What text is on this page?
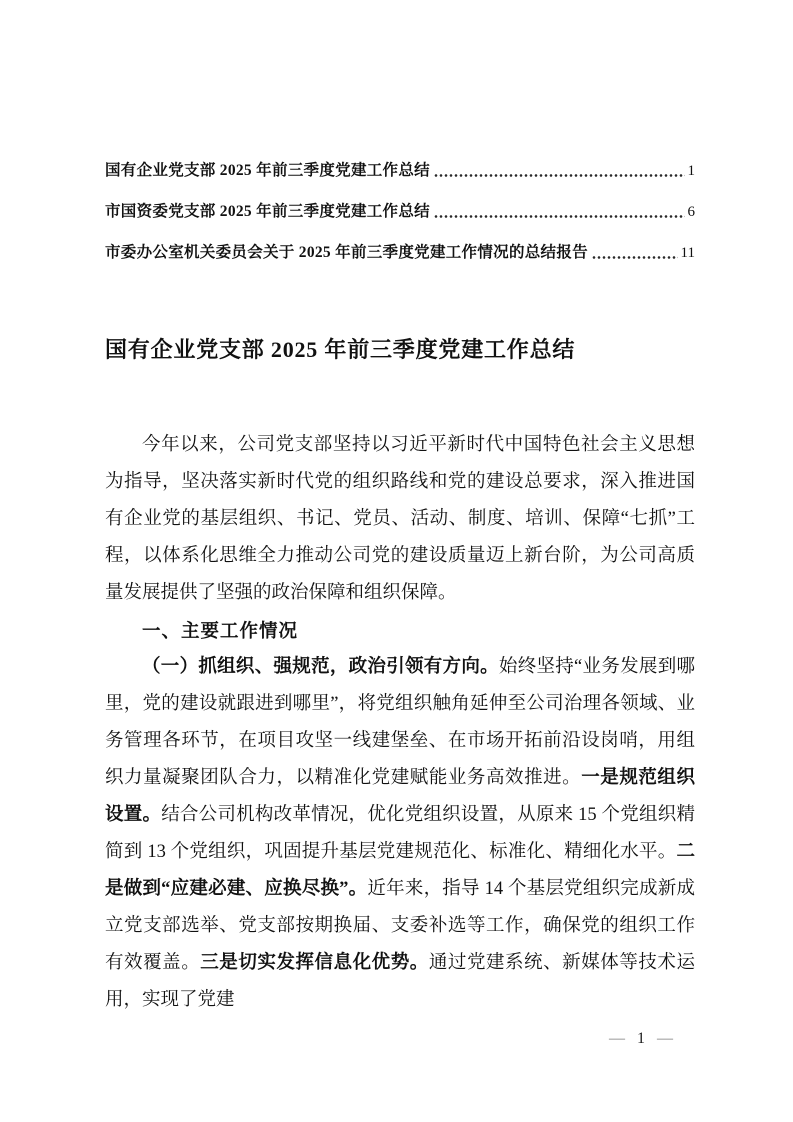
国有企业党支部 2025 年前三季度党建工作总结	1
市国资委党支部 2025 年前三季度党建工作总结	6
市委办公室机关委员会关于 2025 年前三季度党建工作情况的总结报告	11
国有企业党支部 2025 年前三季度党建工作总结

今年以来，公司党支部坚持以习近平新时代中国特色社会主义思想为指导，坚决落实新时代党的组织路线和党的建设总要求，深入推进国有企业党的基层组织、书记、党员、活动、制度、培训、保障“七抓”工程，以体系化思维全力推动公司党的建设质量迈上新台阶，为公司高质量发展提供了坚强的政治保障和组织保障。

一、主要工作情况

（一）抓组织、强规范，政治引领有方向。始终坚持“业务发展到哪里，党的建设就跟进到哪里”，将党组织触角延伸至公司治理各领域、业务管理各环节，在项目攻坚一线建堡垒、在市场开拓前沿设岗哨，用组织力量凝聚团队合力，以精准化党建赋能业务高效推进。一是规范组织设置。结合公司机构改革情况，优化党组织设置，从原来 15 个党组织精简到 13 个党组织，巩固提升基层党建规范化、标准化、精细化水平。二是做到“应建必建、应换尽换”。近年来，指导 14 个基层党组织完成新成立党支部选举、党支部按期换届、支委补选等工作，确保党的组织工作有效覆盖。三是切实发挥信息化优势。通过党建系统、新媒体等技术运用，实现了党建

— 1 —
